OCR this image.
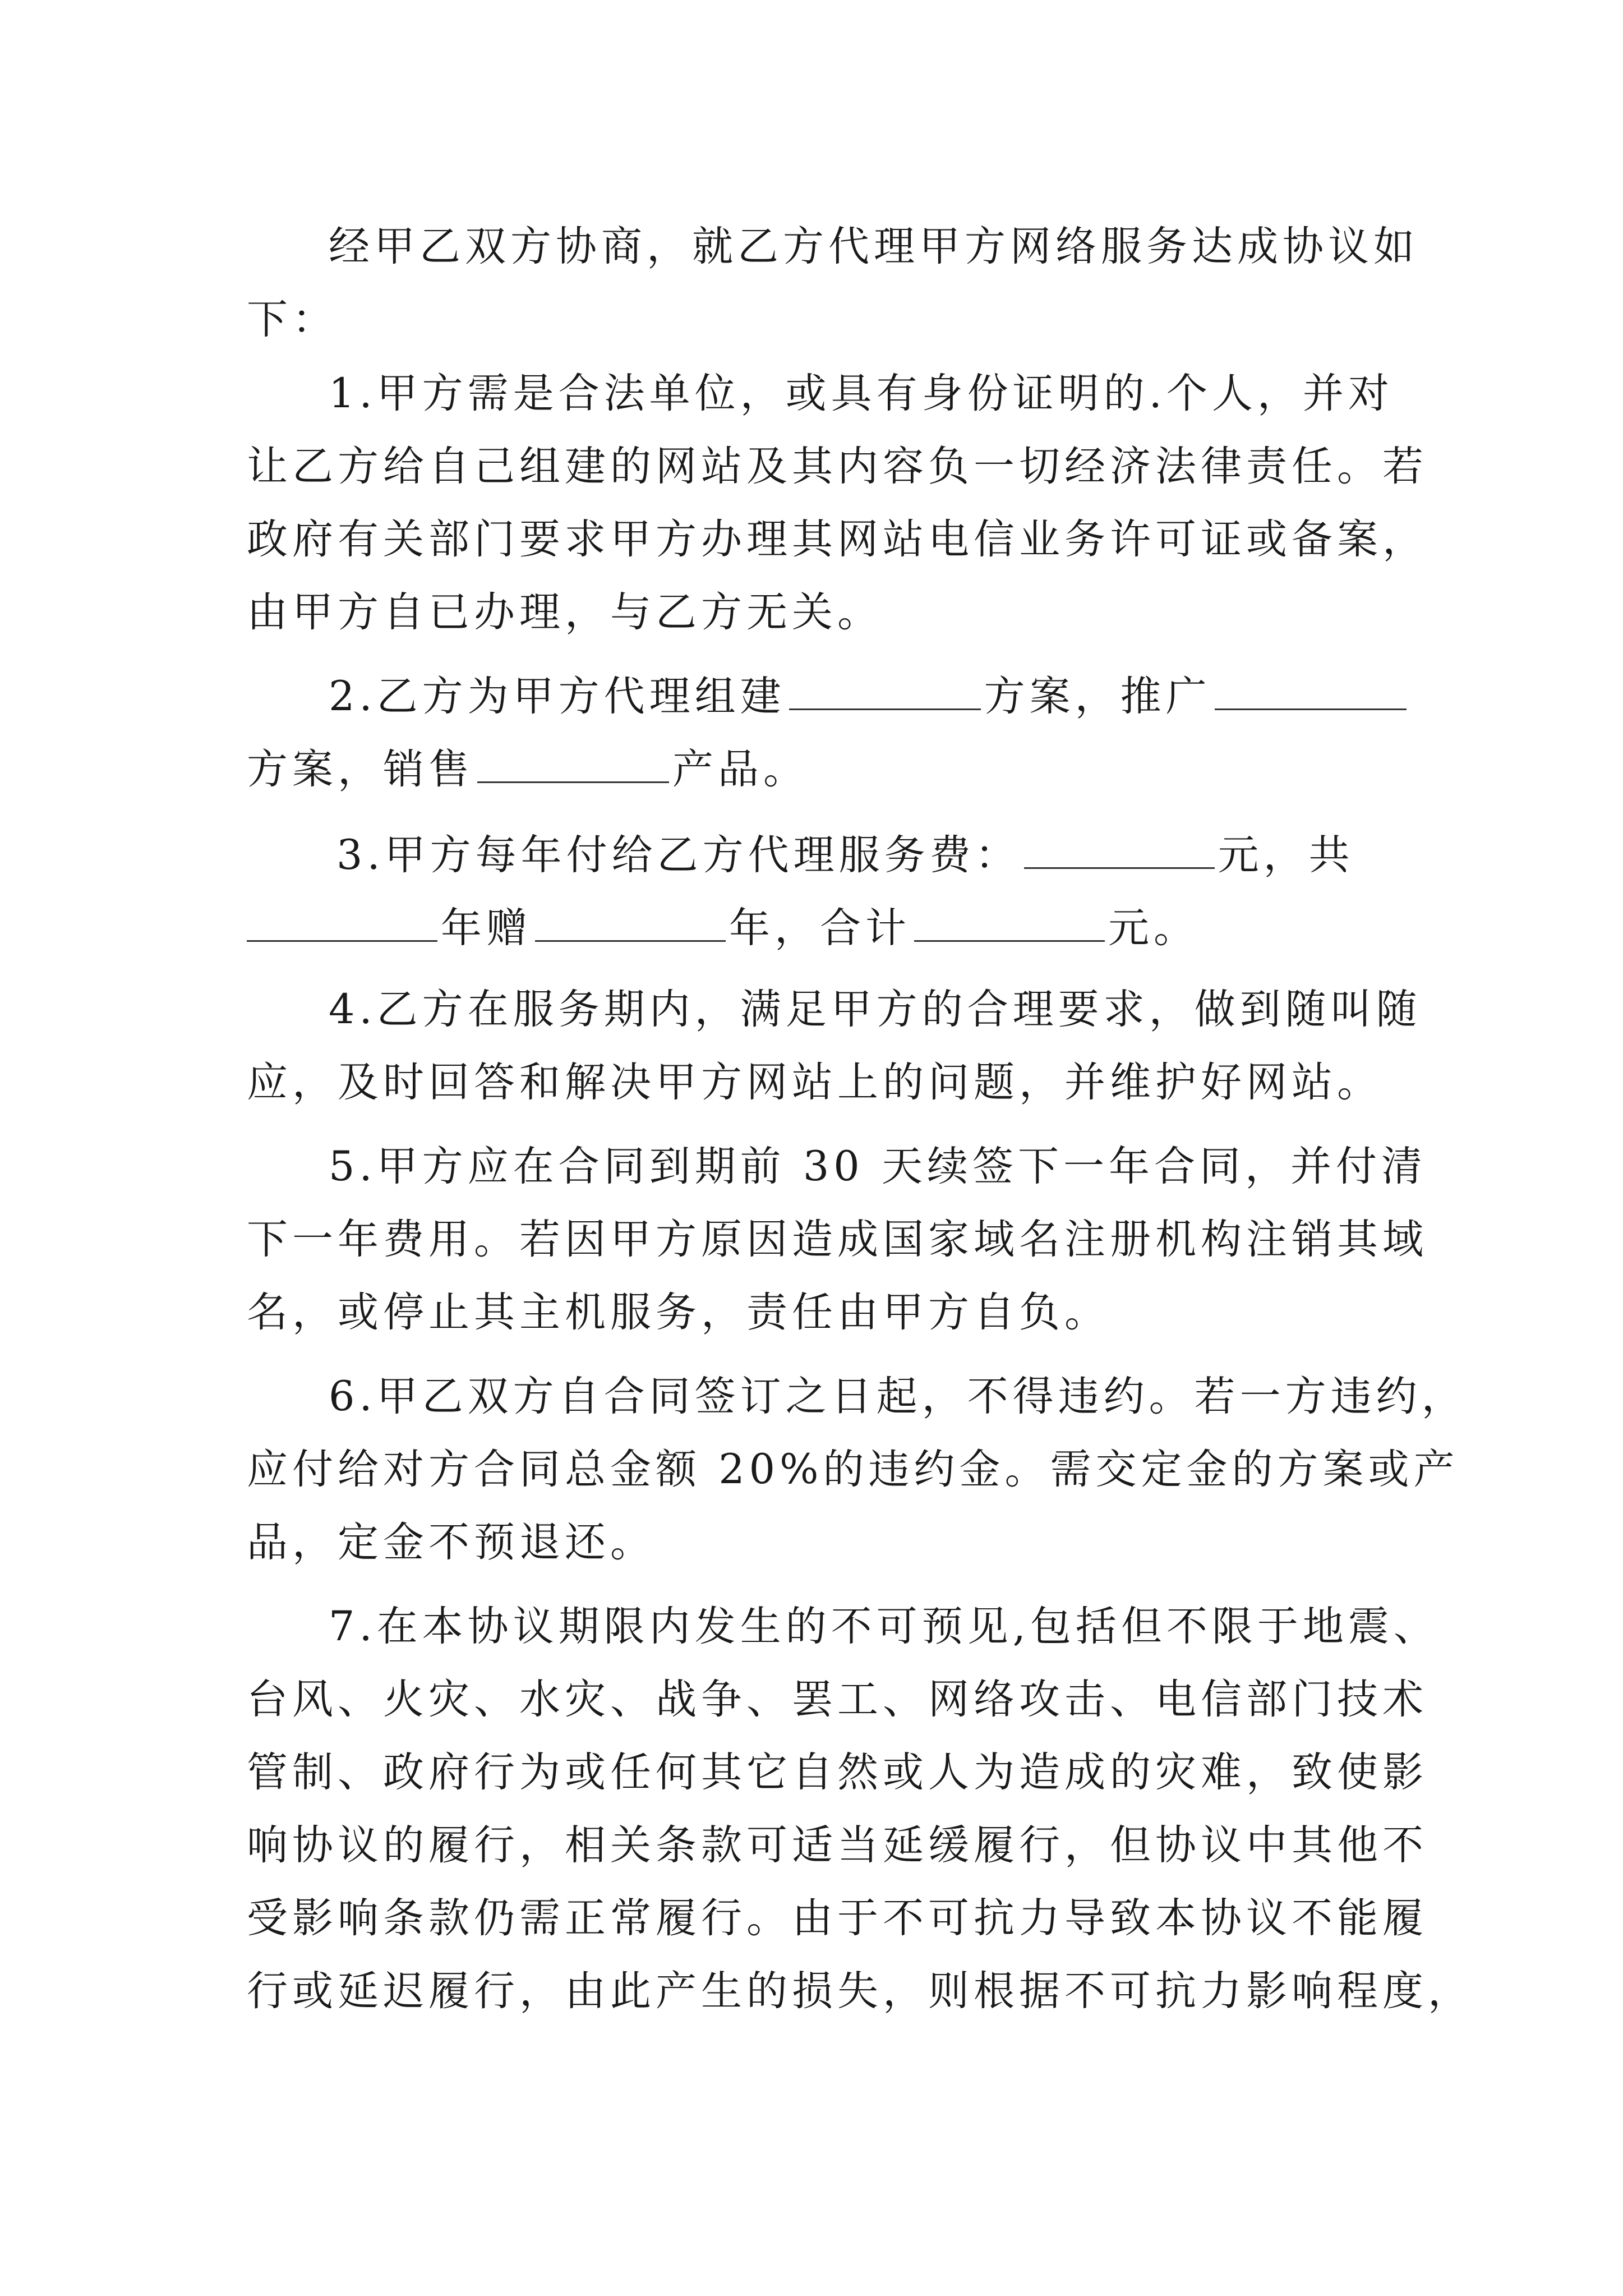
经甲乙双方协商，就乙方代理甲方网络服务达成协议如
下：
1.甲方需是合法单位，或具有身份证明的.个人，并对
让乙方给自己组建的网站及其内容负一切经济法律责任。若
政府有关部门要求甲方办理其网站电信业务许可证或备案，
由甲方自已办理，与乙方无关。
2.乙方为甲方代理组建	方案，推广
方案，销售	产品。
3.甲方每年付给乙方代理服务费：	元，共
年赠	年，合计	元。
4.乙方在服务期内，满足甲方的合理要求，做到随叫随
应，及时回答和解决甲方网站上的问题，并维护好网站。
5.甲方应在合同到期前 30 天续签下一年合同，并付清
下一年费用。若因甲方原因造成国家域名注册机构注销其域
名，或停止其主机服务，责任由甲方自负。
6.甲乙双方自合同签订之日起，不得违约。若一方违约，
应付给对方合同总金额 20%的违约金。需交定金的方案或产
品，定金不预退还。
7.在本协议期限内发生的不可预见,包括但不限于地震、
台风、火灾、水灾、战争、罢工、网络攻击、电信部门技术
管制、政府行为或任何其它自然或人为造成的灾难，致使影
响协议的履行，相关条款可适当延缓履行，但协议中其他不
受影响条款仍需正常履行。由于不可抗力导致本协议不能履
行或延迟履行，由此产生的损失，则根据不可抗力影响程度，
